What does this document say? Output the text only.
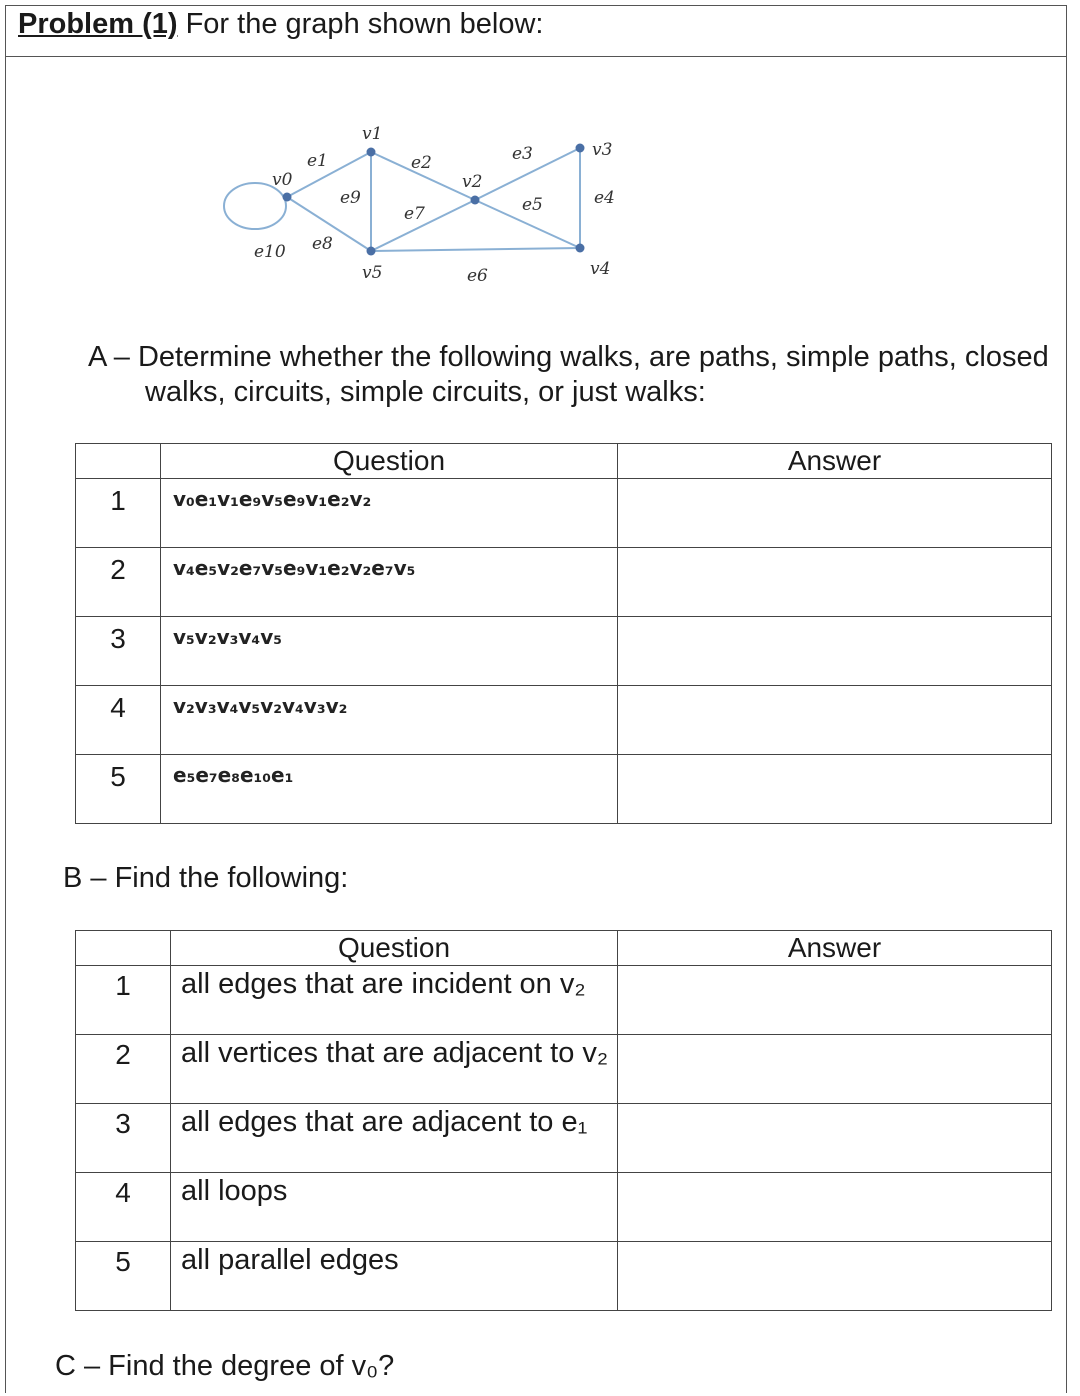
Problem (1) For the graph shown below:
v0
v1
v2
v3
v4
v5
e1	e2	e3
e4
e5
e6
e7
e8
e9
e10
A – Determine whether the following walks, are paths, simple paths, closed
walks, circuits, simple circuits, or just walks:
	Question	Answer
1	v₀e₁v₁e₉v₅e₉v₁e₂v₂	
2	v₄e₅v₂e₇v₅e₉v₁e₂v₂e₇v₅	
3	v₅v₂v₃v₄v₅	
4	v₂v₃v₄v₅v₂v₄v₃v₂	
5	e₅e₇e₈e₁₀e₁	
B – Find the following:
	Question	Answer
1	all edges that are incident on v₂	
2	all vertices that are adjacent to v₂	
3	all edges that are adjacent to e₁	
4	all loops	
5	all parallel edges	
C – Find the degree of v₀?
